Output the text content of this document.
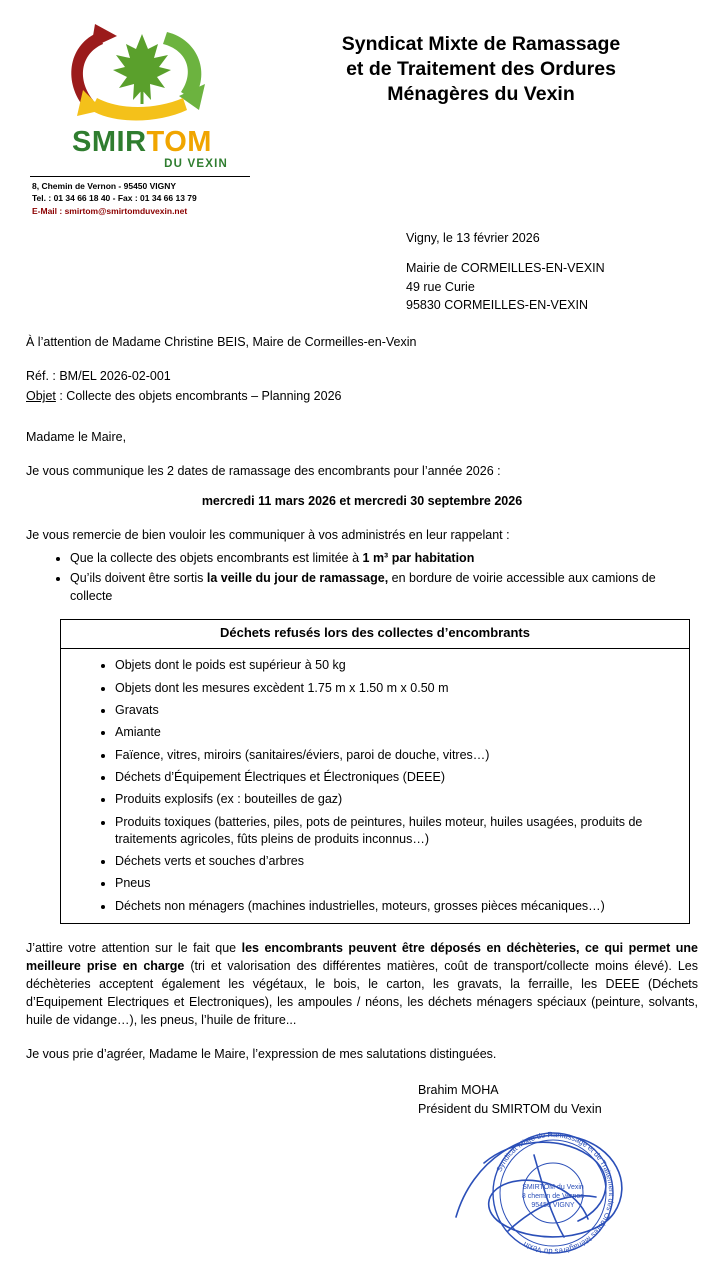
SMIRTOM
DU VEXIN
8, Chemin de Vernon - 95450 VIGNY
Tel. : 01 34 66 18 40 - Fax : 01 34 66 13 79
E-Mail : smirtom@smirtomduvexin.net
Syndicat Mixte de Ramassage
et de Traitement des Ordures
Ménagères du Vexin
Vigny, le 13 février 2026
Mairie de CORMEILLES-EN-VEXIN
49 rue Curie
95830 CORMEILLES-EN-VEXIN
À l’attention de Madame Christine BEIS, Maire de Cormeilles-en-Vexin
Réf. : BM/EL 2026-02-001
Objet : Collecte des objets encombrants – Planning 2026
Madame le Maire,
Je vous communique les 2 dates de ramassage des encombrants pour l’année 2026 :
mercredi 11 mars 2026 et mercredi 30 septembre 2026
Je vous remercie de bien vouloir les communiquer à vos administrés en leur rappelant :
• Que la collecte des objets encombrants est limitée à 1 m³ par habitation
• Qu’ils doivent être sortis la veille du jour de ramassage, en bordure de voirie accessible aux camions de collecte
Déchets refusés lors des collectes d’encombrants
• Objets dont le poids est supérieur à 50 kg
• Objets dont les mesures excèdent 1.75 m x 1.50 m x 0.50 m
• Gravats
• Amiante
• Faïence, vitres, miroirs (sanitaires/éviers, paroi de douche, vitres…)
• Déchets d’Équipement Électriques et Électroniques (DEEE)
• Produits explosifs (ex : bouteilles de gaz)
• Produits toxiques (batteries, piles, pots de peintures, huiles moteur, huiles usagées, produits de traitements agricoles, fûts pleins de produits inconnus…)
• Déchets verts et souches d’arbres
• Pneus
• Déchets non ménagers (machines industrielles, moteurs, grosses pièces mécaniques…)
J’attire votre attention sur le fait que les encombrants peuvent être déposés en déchèteries, ce qui permet une meilleure prise en charge (tri et valorisation des différentes matières, coût de transport/collecte moins élevé). Les déchèteries acceptent également les végétaux, le bois, le carton, les gravats, la ferraille, les DEEE (Déchets d’Equipement Electriques et Electroniques), les ampoules / néons, les déchets ménagers spéciaux (peinture, solvants, huile de vidange…), les pneus, l’huile de friture...
Je vous prie d’agréer, Madame le Maire, l’expression de mes salutations distinguées.
Brahim MOHA
Président du SMIRTOM du Vexin
Syndicat Mixte de Ramassage et de Traitement des Ordures Ménagères du Vexin
SMIRTOM du Vexin
8 chemin de Vernon
95450 VIGNY
